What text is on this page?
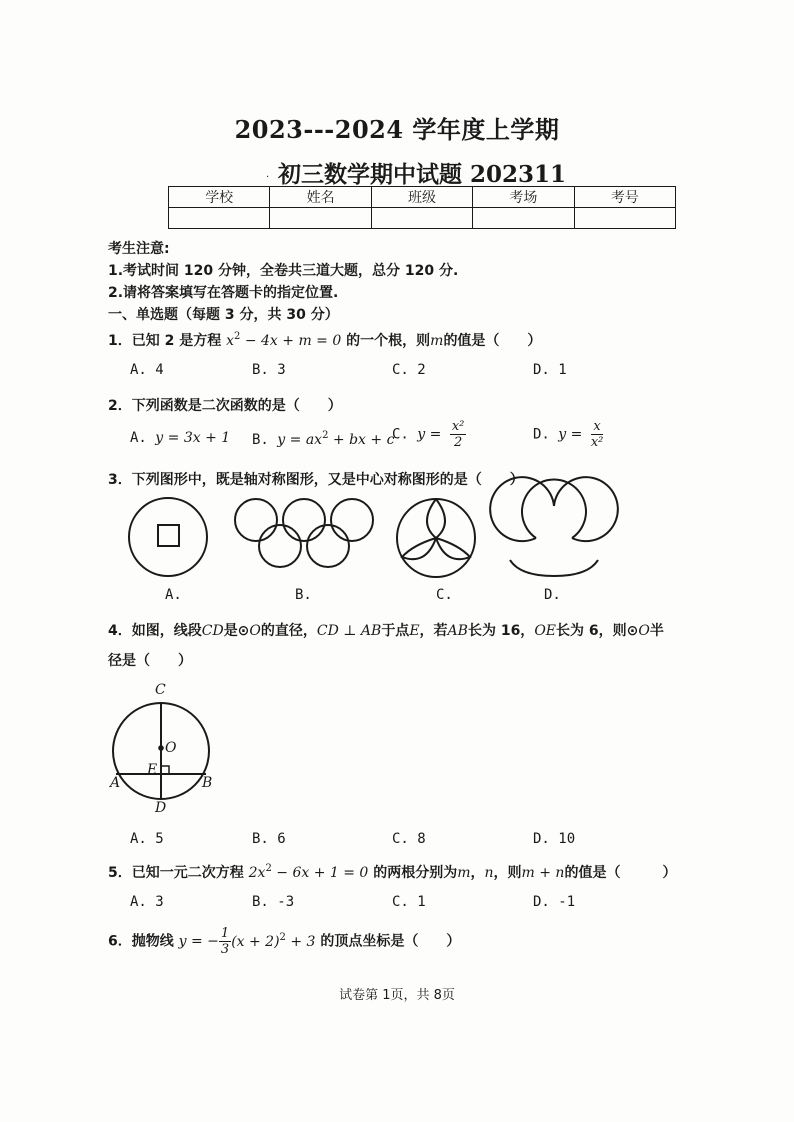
2023---2024 学年度上学期
· 初三数学期中试题 202311
学校	姓名	班级	考场	考号

考生注意:
1.考试时间 120 分钟，全卷共三道大题，总分 120 分.
2.请将答案填写在答题卡的指定位置.
一、单选题（每题 3 分，共 30 分）
1．已知 2 是方程 $x^2 - 4x + m = 0$ 的一个根，则m的值是（　　）
A. 4	B. 3	C. 2	D. 1
2．下列函数是二次函数的是（　　）
A. y = 3x + 1 B. $y = ax^2$ + bx + c
C. $y = \frac{\text{x²}}{2}$	D. $y = \frac{x}{\text{x²}}$
3．下列图形中，既是轴对称图形，又是中心对称图形的是（　　）
A.	B.	C.	D.
4．如图，线段CD是⊙O的直径，CD ⊥ AB于点E，若AB长为 16，OE长为 6，则⊙O半
径是（　　）
C
O
E
A	B
D
A. 5	B. 6	C. 8	D. 10
5．已知一元二次方程 $2x^2 - 6x + 1 = 0$ 的两根分别为m，n，则m + n的值是（　　　）
A. 3	B. -3	C. 1	D. -1
6．抛物线 y = − $\frac{1}{3} (x + 2)^2 + 3$ 的顶点坐标是（　　）
试卷第 1页，共 8页
